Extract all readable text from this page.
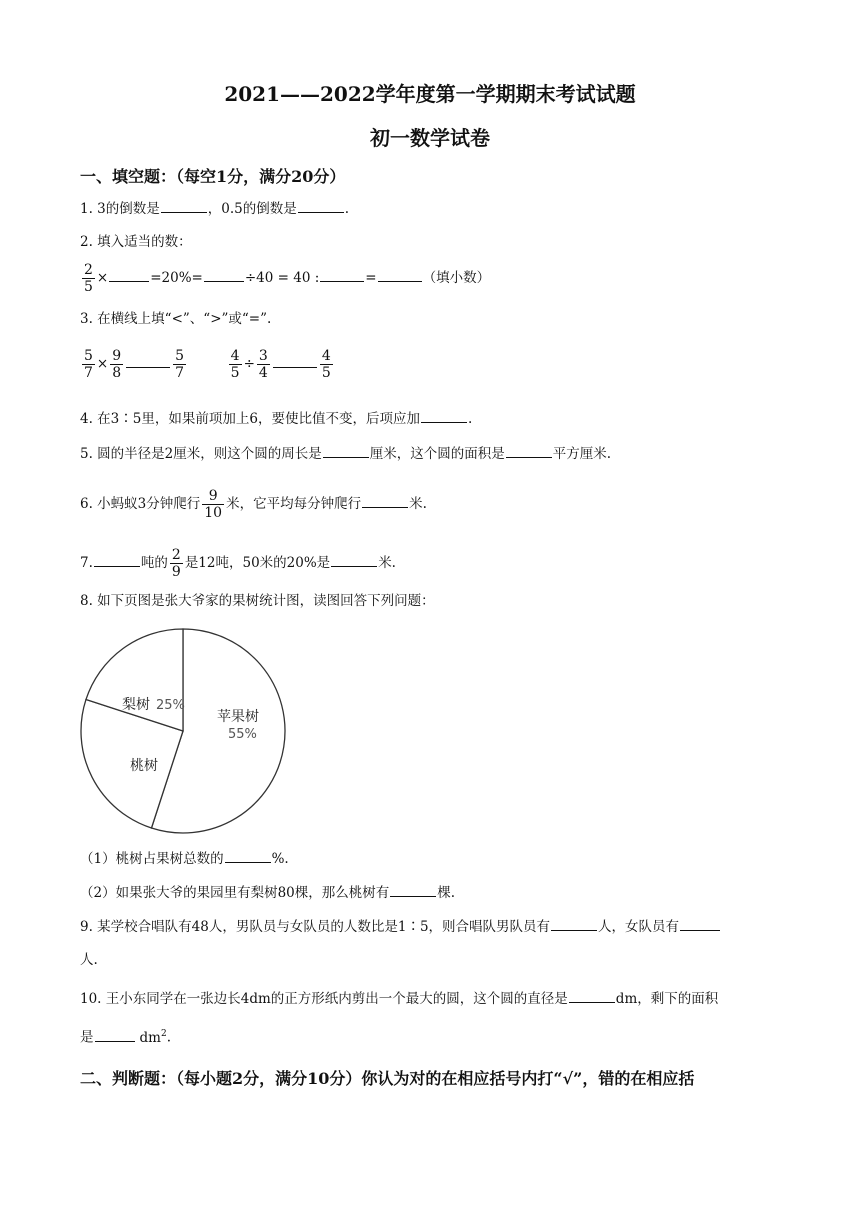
2021——2022学年度第一学期期末考试试题
初一数学试卷
一、填空题：（每空1分，满分20分）
1. 3的倒数是	，0.5的倒数是	.
2. 填入适当的数：
$\frac{2}{5}$ ×	=20%=	÷40 = 40 :	=	（填小数）
3. 在横线上填“<”、“>”或“=”.
$\frac{5}{7} \times \frac{9}{8}$	$\frac{5}{7}$
	$\frac{4}{5} \div \frac{3}{4}$	$\frac{4}{5}$
4. 在3∶5里，如果前项加上6，要使比值不变，后项应加	.
5. 圆的半径是2厘米，则这个圆的周长是	厘米，这个圆的面积是	平方厘米.
6. 小蚂蚁3分钟爬行 $\frac{9}{10}$ 米，它平均每分钟爬行	米.
7.	吨的 $\frac{2}{9}$ 是12吨，50米的20%是	米.
8. 如下页图是张大爷家的果树统计图，读图回答下列问题：
苹果树
55%
梨树 25%
桃树
（1）桃树占果树总数的	%.
（2）如果张大爷的果园里有梨树80棵，那么桃树有	棵.
9. 某学校合唱队有48人，男队员与女队员的人数比是1∶5，则合唱队男队员有	人，女队员有
人.
10. 王小东同学在一张边长4dm的正方形纸内剪出一个最大的圆，这个圆的直径是	dm，剩下的面积
是	$dm^2$.
二、判断题：（每小题2分，满分10分）你认为对的在相应括号内打“√”，错的在相应括
